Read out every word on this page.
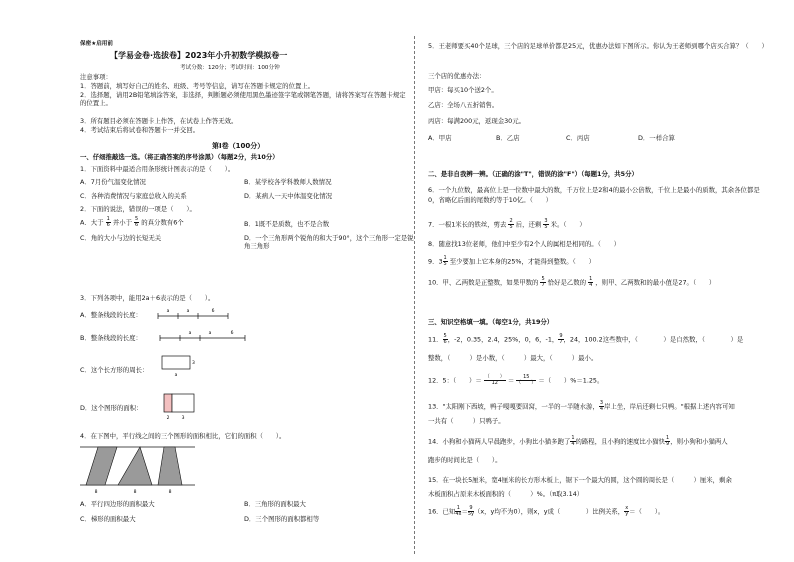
保密★启用前
【学易金卷·选拔卷】2023年小升初数学模拟卷一
考试分数：120分；考试时间：100分钟
注意事项：
1．答题前，填写好自己的姓名、班级、考号等信息，请写在答题卡规定的位置上。
2．选择题，请用2B铅笔填涂答案，非选择，判断题必须使用黑色墨迹签字笔或钢笔答题，请将答案写在答题卡规定的位置上。
3．所有题目必须在答题卡上作答，在试卷上作答无效。
4．考试结束后将试卷和答题卡一并交回。
第Ⅰ卷（100分）
一、仔细推敲选一选。（将正确答案的序号涂黑）（每题2分，共10分）
1．下面资料中最适合用条形统计图表示的是（　　）。
A．7月份气温变化情况	B．某学校各学科教师人数情况
C．各种消费情况与家庭总收入的关系	D．某病人一天中体温变化情况
2．下面的说法，错误的一项是（　　）。
A．大于 $\frac{1}{6}$ 并小于 $\frac{5}{6}$ 的真分数有6个	B．1既不是质数，也不是合数
C．角的大小与边的长短无关	D．一个三角形两个锐角的和大于90°，这个三角形一定是锐角三角形
3．下列各项中，能用2a＋6表示的是（　　）。
A．整条线段的长度：
B．整条线段的长度：
C．这个长方形的周长：
D．这个图形的面积：
4．在下图中，平行线之间的三个图形的面积相比，它们的面积（　　）。
A．平行四边形的面积最大	B．三角形的面积最大
C．梯形的面积最大	D．三个图形的面积都相等
a	a	6
a	a	6
3
a
2	3
8	8	8
5．王老师要买40个足球，三个店的足球单价都是25元，优惠办法如下图所示。你认为王老师到哪个店买合算？（　　）
三个店的优惠办法：
甲店：每买10个送2个。
乙店：全场八五折销售。
丙店：每满200元，返现金30元。
A．甲店	B．乙店	C．丙店	D．一样合算
二、是非自我辨一辨。（正确的涂"T"，错误的涂"F"）（每题1分，共5分）
6．一个九位数，最高位上是一位数中最大的数，千万位上是2和4的最小公倍数，千位上是最小的质数，其余各位都是0，省略亿后面的尾数约等于10亿。（　　）
7．一根1米长的铁丝，剪去 $\frac{2}{5}$ 后，还剩 $\frac{3}{5}$ 米。（　　）
8．随意找13位老师，他们中至少有2个人的属相是相同的。（　　）
9．$3 \frac{1}{5}$ 至少要加上它本身的25%，才能得到整数。（　　）
10．甲、乙两数是正整数，如果甲数的 $\frac{5}{7}$ 恰好是乙数的 $\frac{1}{4}$ ，则甲、乙两数和的最小值是27。（　　）
三、知识空格填一填。（每空1分，共19分）
11． $\frac{5}{6}$ ，-2，0.35，2.4，25%，0，6，-1， $\frac{9}{7}$ ，24，100.2这些数中，（　　　　）是自然数，（　　　　）是
整数，（　　　）是小数，（　　　）最大，（　　　）最小。
12．5：（　　）＝ $\frac{( )}{12} = \frac{15}{( )}$ ＝（　　）%＝1.25。
13．"太阳刚下西坡，鸭子嘎嘎要回窝，一半的一半随水游， $\frac{3}{4}$ 岸上坐，岸后还剩七只鸭。"根据上述内容可知
一共有（　　　）只鸭子。
14．小狗和小猫两人早晨跑步，小狗比小猫多跑了 $\frac{1}{4}$ 的路程，且小狗的速度比小猫快 $\frac{1}{9}$ ，则小狗和小猫两人
跑步的时间比是（　　）。
15．在一块长5厘米，宽4厘米的长方形木板上，锯下一个最大的圆，这个圆的周长是（　　　）厘米，剩余
木板面积占原来木板面积的（　　　）%。（π取3.14）
16．已知 $\frac{1}{4x} = \frac{9}{5y} (x$，y均不为0），则x，y成（　　　　）比例关系， $\frac{x}{y}$ ＝（　　）。
